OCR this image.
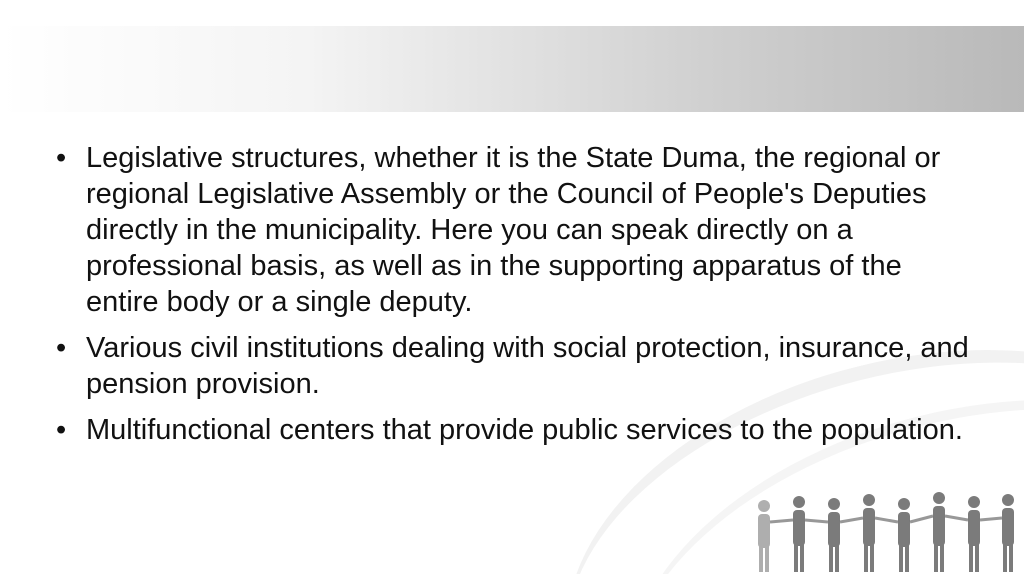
• Legislative structures, whether it is the State Duma, the regional or regional Legislative Assembly or the Council of People's Deputies directly in the municipality. Here you can speak directly on a professional basis, as well as in the supporting apparatus of the entire body or a single deputy.
• Various civil institutions dealing with social protection, insurance, and pension provision.
• Multifunctional centers that provide public services to the population.
